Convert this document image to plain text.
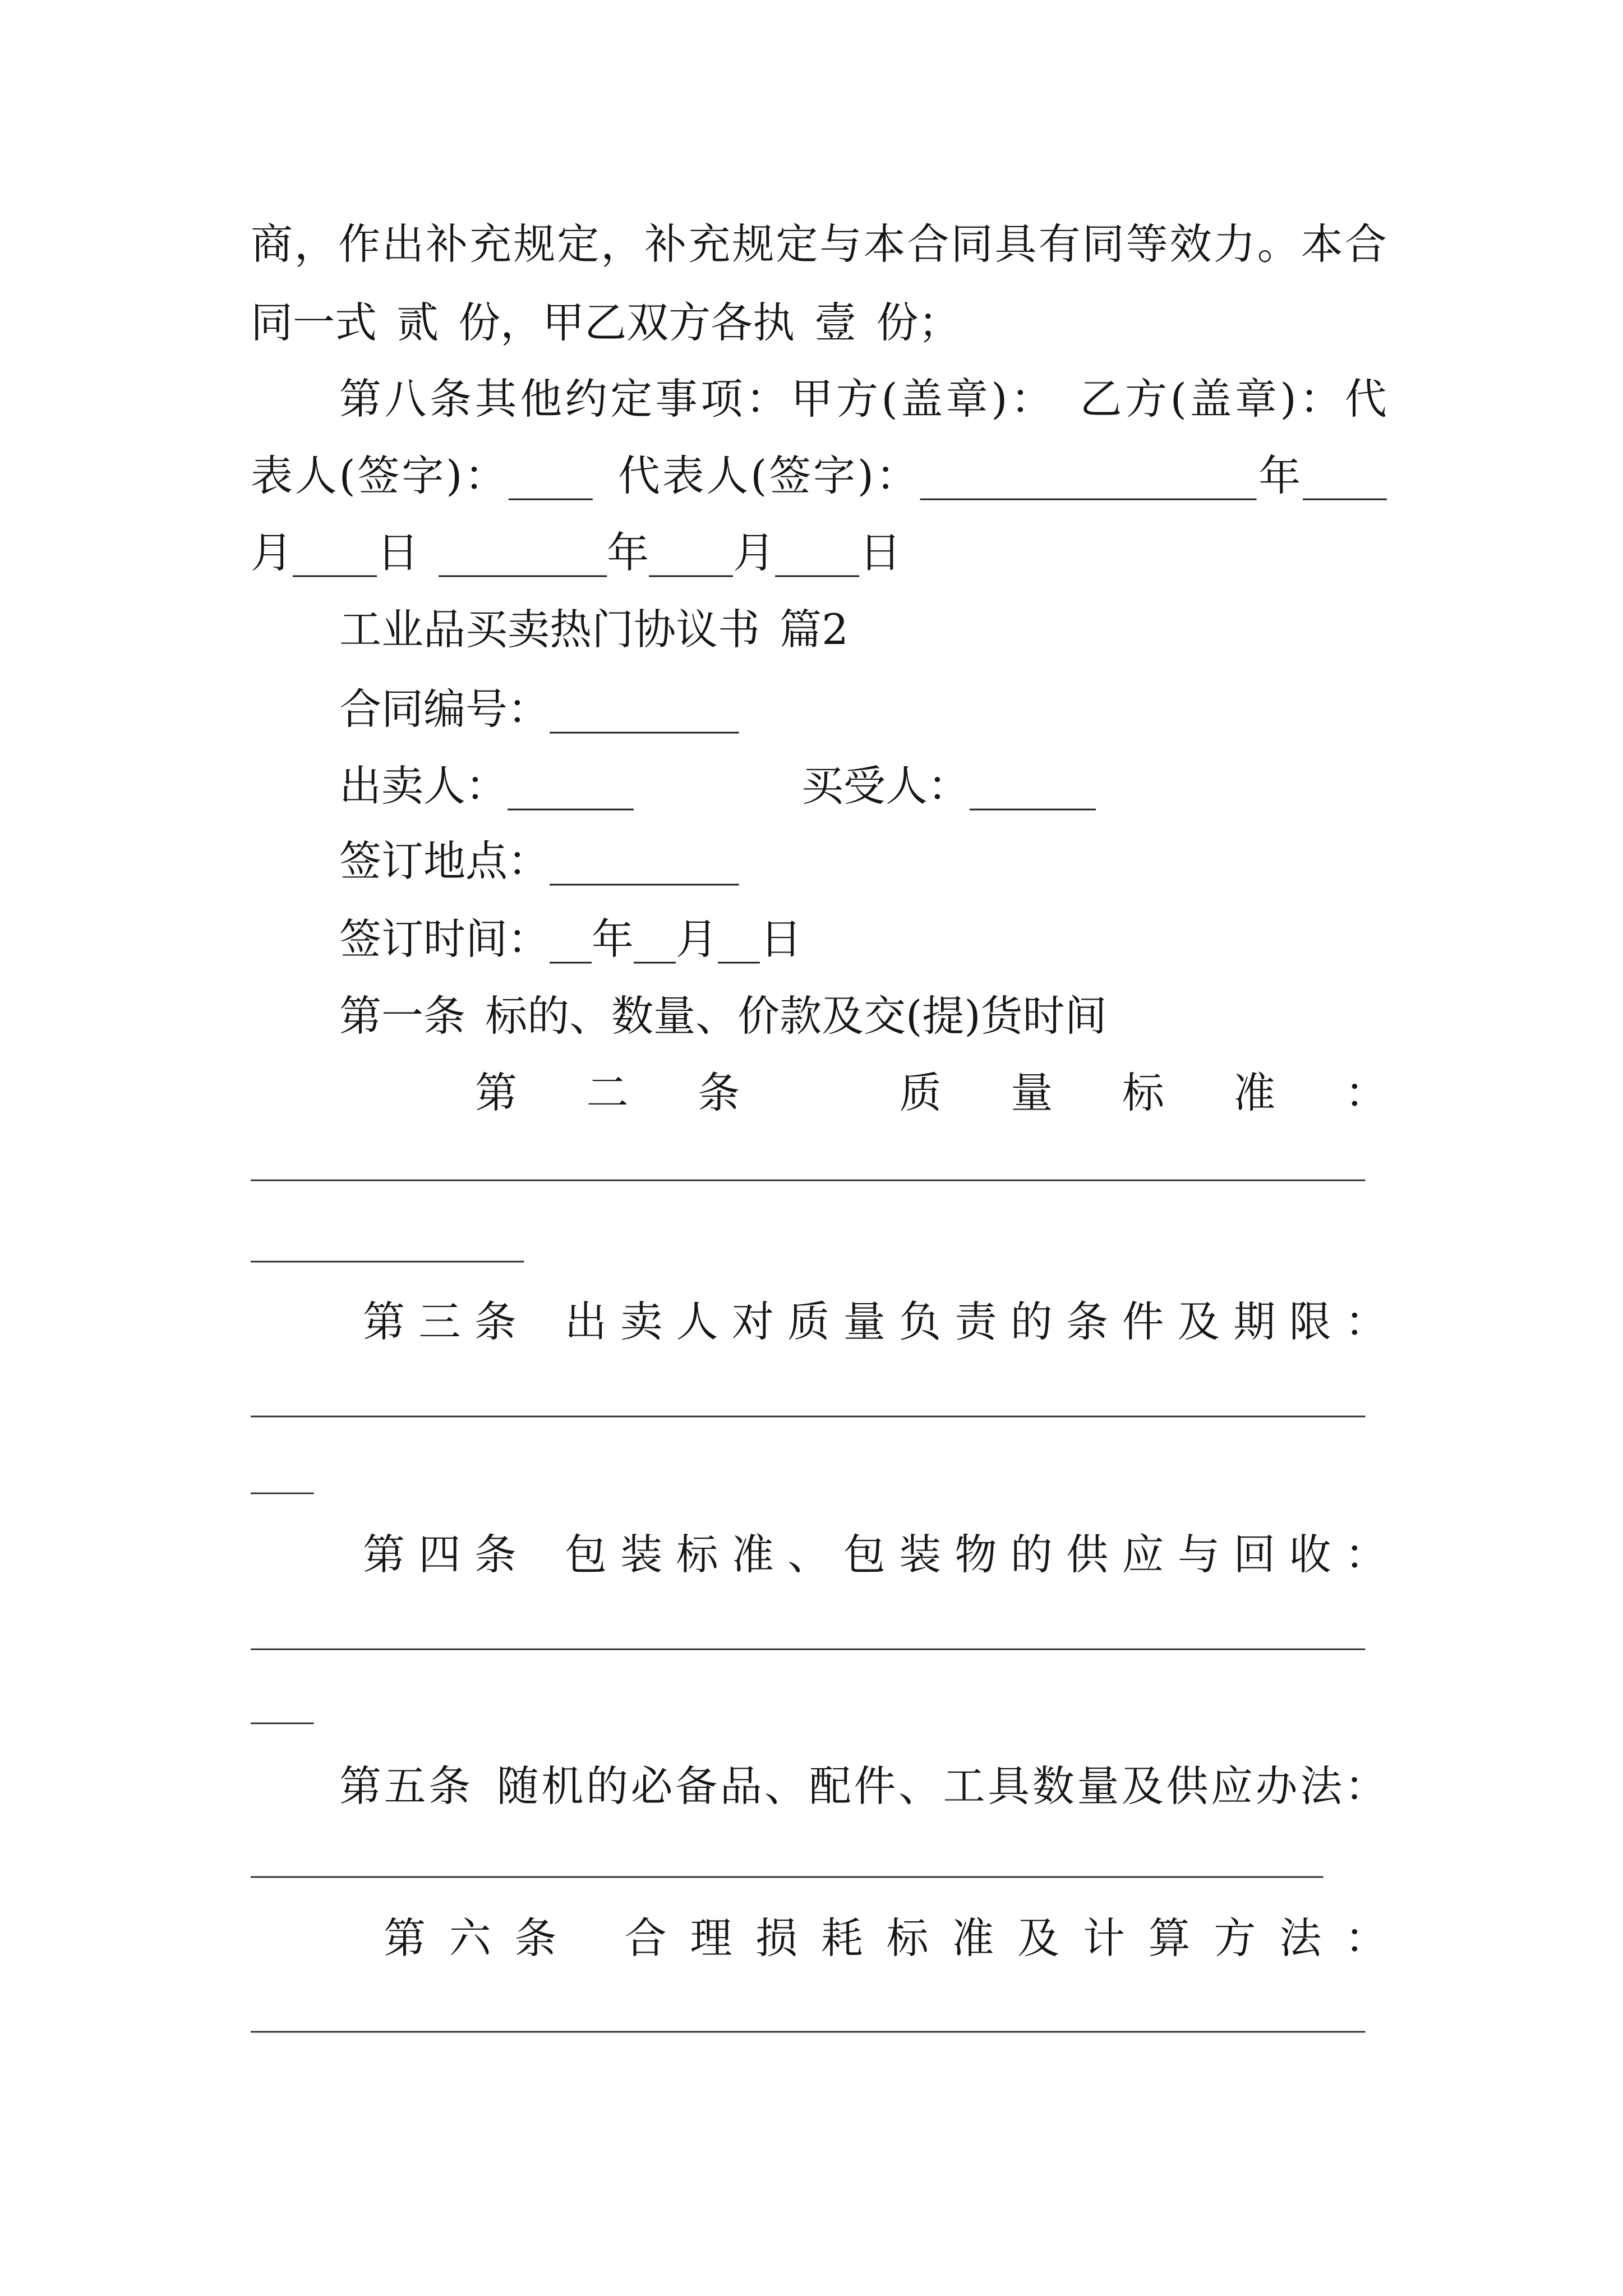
商 ， 作 出 补 充 规 定 ， 补 充 规 定 与 本 合 同 具 有 同 等 效 力 。 本 合
同一式 贰 份，甲乙双方各执 壹 份；
第 八 条 其 他 约 定 事 项 ： 甲 方 ( 盖 章 ) ： 乙 方 ( 盖 章 ) ： 代
表 人 ( 签 字 ) ： ____ 代 表 人 ( 签 字 ) ： ________________ 年 ____
月____日 ________年____月____日
工业品买卖热门协议书 篇2
合同编号：_________
出卖人：______	买受人：______
签订地点：_________
签订时间：__年__月__日
第一条 标的、数量、价款及交(提)货时间
第 二 条	质 量 标 准 ：
_____________________________________________________
_____________
第 三 条 出 卖 人 对 质 量 负 责 的 条 件 及 期 限 ：
_____________________________________________________
___
第 四 条 包 装 标 准 、 包 装 物 的 供 应 与 回 收 ：
_____________________________________________________
___
第 五 条 随 机 的 必 备 品 、 配 件 、 工 具 数 量 及 供 应 办 法 ：
___________________________________________________
第 六 条 合 理 损 耗 标 准 及 计 算 方 法 ：
_____________________________________________________
